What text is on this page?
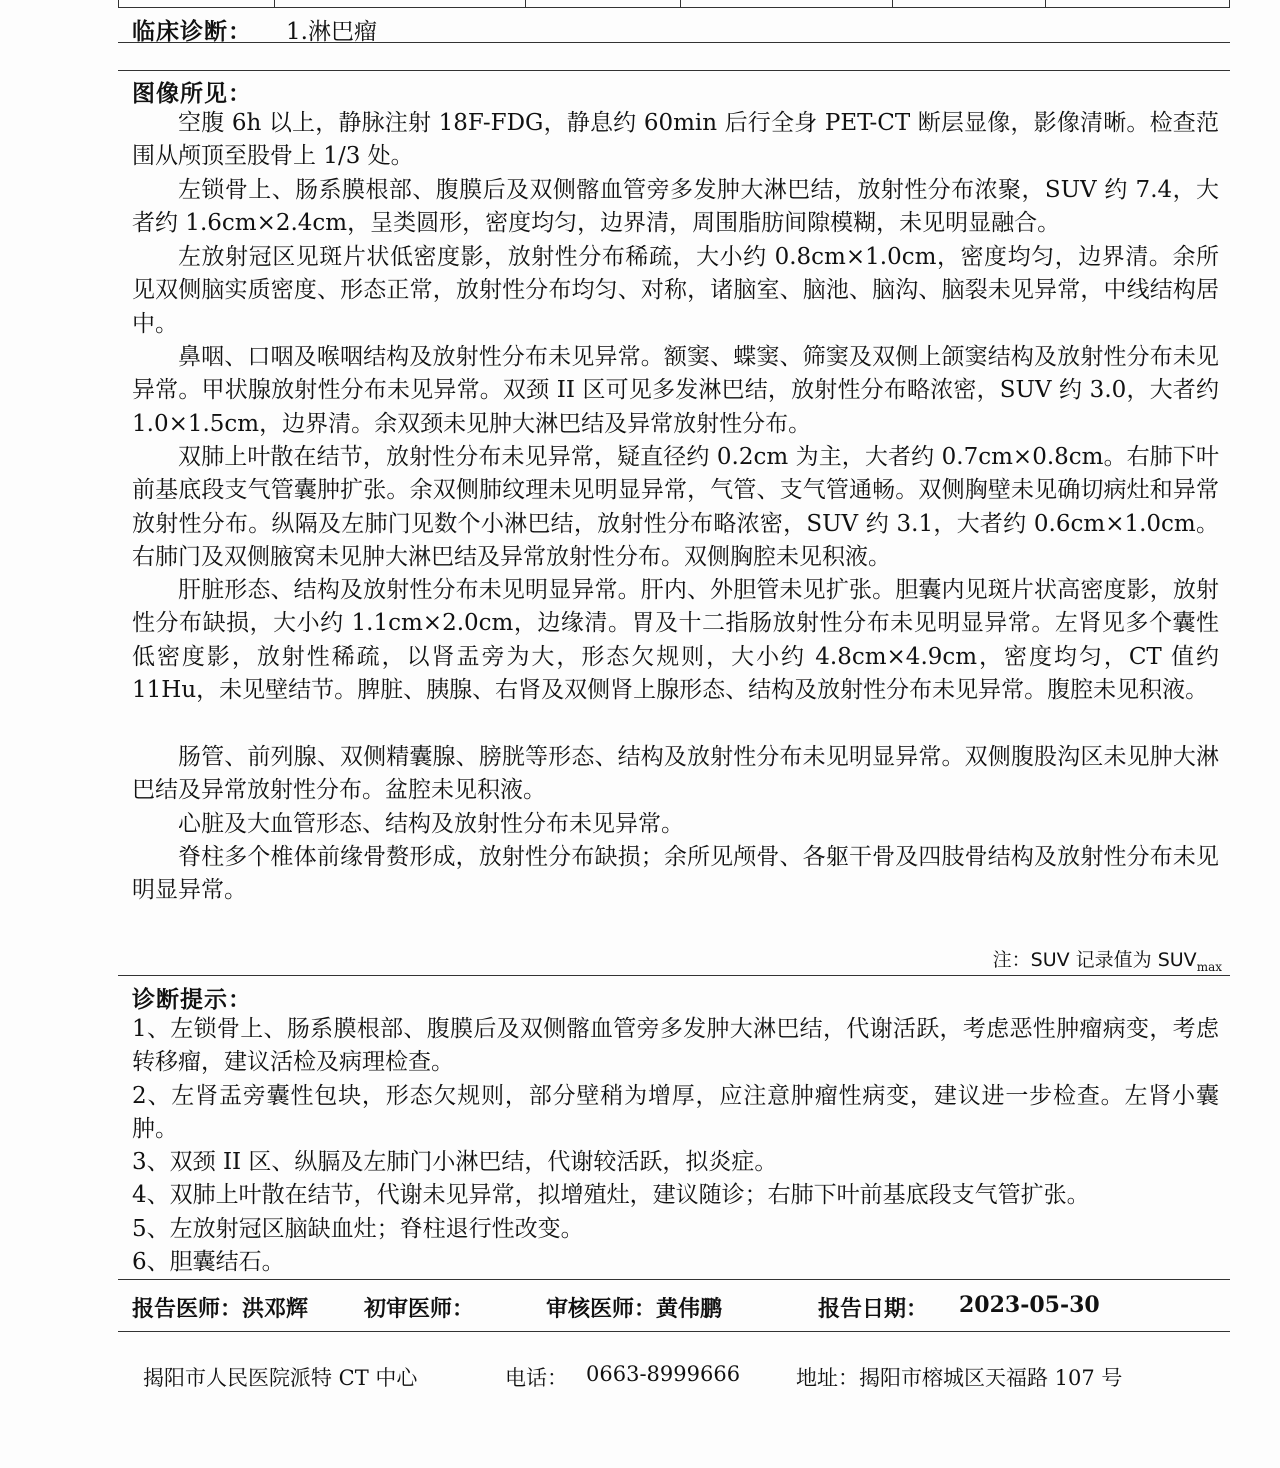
临床诊断： 1.淋巴瘤
图像所见：
空腹 6h 以上，静脉注射 18F-FDG，静息约 60min 后行全身 PET-CT 断层显像，影像清晰。检查范围从颅顶至股骨上 1/3 处。
左锁骨上、肠系膜根部、腹膜后及双侧髂血管旁多发肿大淋巴结，放射性分布浓聚，SUV 约 7.4，大者约 1.6cm×2.4cm，呈类圆形，密度均匀，边界清，周围脂肪间隙模糊，未见明显融合。
左放射冠区见斑片状低密度影，放射性分布稀疏，大小约 0.8cm×1.0cm，密度均匀，边界清。余所见双侧脑实质密度、形态正常，放射性分布均匀、对称，诸脑室、脑池、脑沟、脑裂未见异常，中线结构居中。
鼻咽、口咽及喉咽结构及放射性分布未见异常。额窦、蝶窦、筛窦及双侧上颌窦结构及放射性分布未见异常。甲状腺放射性分布未见异常。双颈 II 区可见多发淋巴结，放射性分布略浓密，SUV 约 3.0，大者约 1.0×1.5cm，边界清。余双颈未见肿大淋巴结及异常放射性分布。
双肺上叶散在结节，放射性分布未见异常，疑直径约 0.2cm 为主，大者约 0.7cm×0.8cm。右肺下叶前基底段支气管囊肿扩张。余双侧肺纹理未见明显异常，气管、支气管通畅。双侧胸壁未见确切病灶和异常放射性分布。纵隔及左肺门见数个小淋巴结，放射性分布略浓密，SUV 约 3.1，大者约 0.6cm×1.0cm。右肺门及双侧腋窝未见肿大淋巴结及异常放射性分布。双侧胸腔未见积液。
肝脏形态、结构及放射性分布未见明显异常。肝内、外胆管未见扩张。胆囊内见斑片状高密度影，放射性分布缺损，大小约 1.1cm×2.0cm，边缘清。胃及十二指肠放射性分布未见明显异常。左肾见多个囊性低密度影，放射性稀疏，以肾盂旁为大，形态欠规则，大小约 4.8cm×4.9cm，密度均匀，CT 值约 11Hu，未见壁结节。脾脏、胰腺、右肾及双侧肾上腺形态、结构及放射性分布未见异常。腹腔未见积液。
肠管、前列腺、双侧精囊腺、膀胱等形态、结构及放射性分布未见明显异常。双侧腹股沟区未见肿大淋巴结及异常放射性分布。盆腔未见积液。
心脏及大血管形态、结构及放射性分布未见异常。
脊柱多个椎体前缘骨赘形成，放射性分布缺损；余所见颅骨、各躯干骨及四肢骨结构及放射性分布未见明显异常。
注：SUV 记录值为 $SUV_{max}$
诊断提示：
1、左锁骨上、肠系膜根部、腹膜后及双侧髂血管旁多发肿大淋巴结，代谢活跃，考虑恶性肿瘤病变，考虑转移瘤，建议活检及病理检查。
2、左肾盂旁囊性包块，形态欠规则，部分壁稍为增厚，应注意肿瘤性病变，建议进一步检查。左肾小囊肿。
3、双颈 II 区、纵膈及左肺门小淋巴结，代谢较活跃，拟炎症。
4、双肺上叶散在结节，代谢未见异常，拟增殖灶，建议随诊；右肺下叶前基底段支气管扩张。
5、左放射冠区脑缺血灶；脊柱退行性改变。
6、胆囊结石。
报告医师：洪邓辉	初审医师：	审核医师：黄伟鹏	报告日期： 2023-05-30
揭阳市人民医院派特 CT 中心	电话： 0663-8999666	地址：揭阳市榕城区天福路 107 号
